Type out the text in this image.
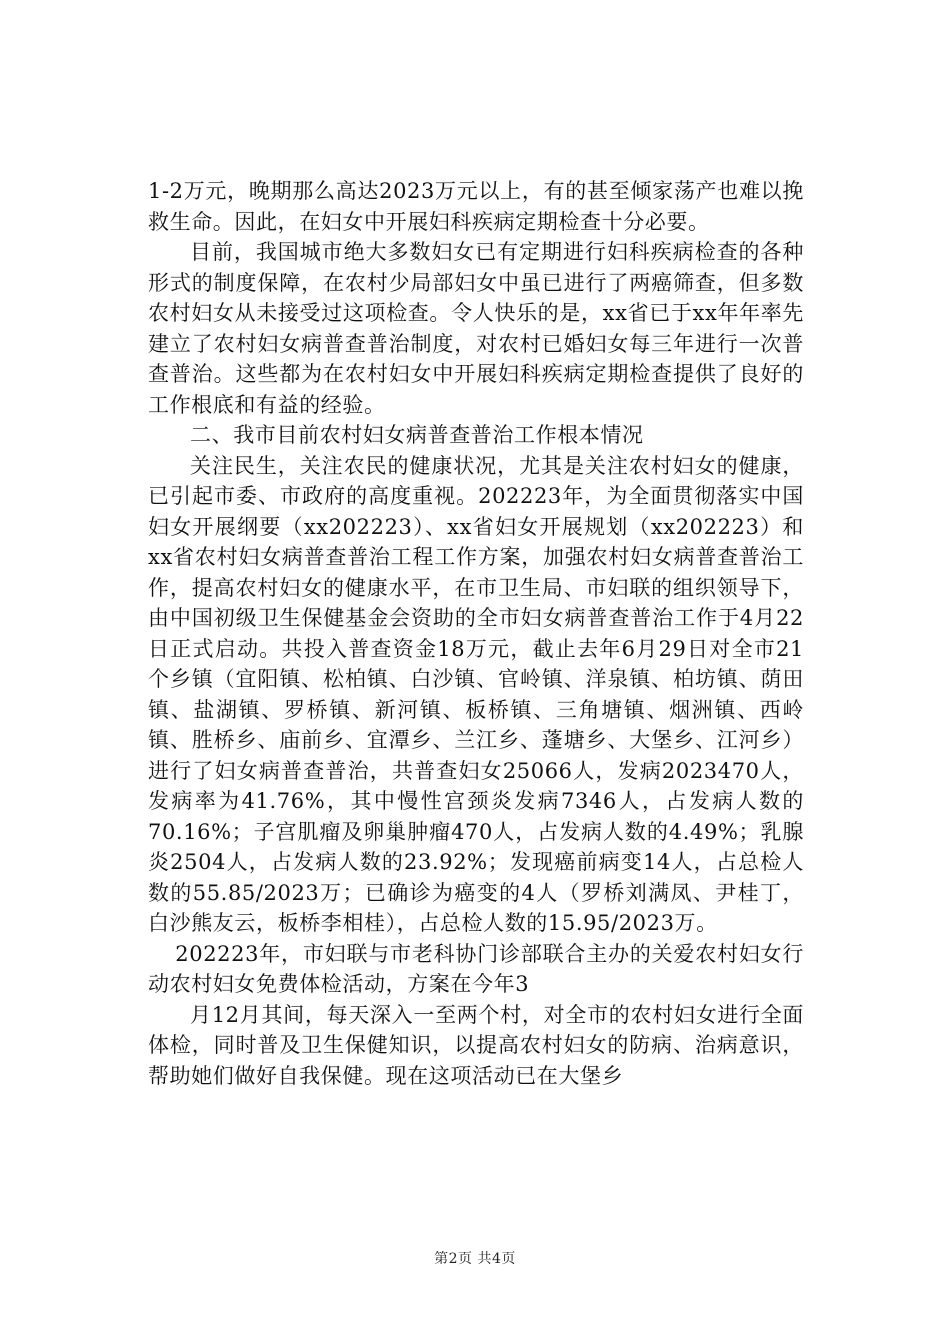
1-2万元，晚期那么高达2023万元以上，有的甚至倾家荡产也难以挽救生命。因此，在妇女中开展妇科疾病定期检查十分必要。

目前，我国城市绝大多数妇女已有定期进行妇科疾病检查的各种形式的制度保障，在农村少局部妇女中虽已进行了两癌筛查，但多数农村妇女从未接受过这项检查。令人快乐的是，xx省已于xx年年率先建立了农村妇女病普查普治制度，对农村已婚妇女每三年进行一次普查普治。这些都为在农村妇女中开展妇科疾病定期检查提供了良好的工作根底和有益的经验。

二、我市目前农村妇女病普查普治工作根本情况

关注民生，关注农民的健康状况，尤其是关注农村妇女的健康，已引起市委、市政府的高度重视。202223年，为全面贯彻落实中国妇女开展纲要（xx202223）、xx省妇女开展规划（xx202223）和xx省农村妇女病普查普治工程工作方案，加强农村妇女病普查普治工作，提高农村妇女的健康水平，在市卫生局、市妇联的组织领导下，由中国初级卫生保健基金会资助的全市妇女病普查普治工作于4月22日正式启动。共投入普查资金18万元，截止去年6月29日对全市21个乡镇（宜阳镇、松柏镇、白沙镇、官岭镇、洋泉镇、柏坊镇、荫田镇、盐湖镇、罗桥镇、新河镇、板桥镇、三角塘镇、烟洲镇、西岭镇、胜桥乡、庙前乡、宜潭乡、兰江乡、蓬塘乡、大堡乡、江河乡）进行了妇女病普查普治，共普查妇女25066人，发病2023470人，发病率为41.76%，其中慢性宫颈炎发病7346人，占发病人数的70.16%；子宫肌瘤及卵巢肿瘤470人，占发病人数的4.49%；乳腺炎2504人，占发病人数的23.92%；发现癌前病变14人，占总检人数的55.85/2023万；已确诊为癌变的4人（罗桥刘满凤、尹桂丁，白沙熊友云，板桥李相桂），占总检人数的15.95/2023万。

202223年，市妇联与市老科协门诊部联合主办的关爱农村妇女行动农村妇女免费体检活动，方案在今年3

月12月其间，每天深入一至两个村，对全市的农村妇女进行全面体检，同时普及卫生保健知识，以提高农村妇女的防病、治病意识，帮助她们做好自我保健。现在这项活动已在大堡乡

第2页 共4页
